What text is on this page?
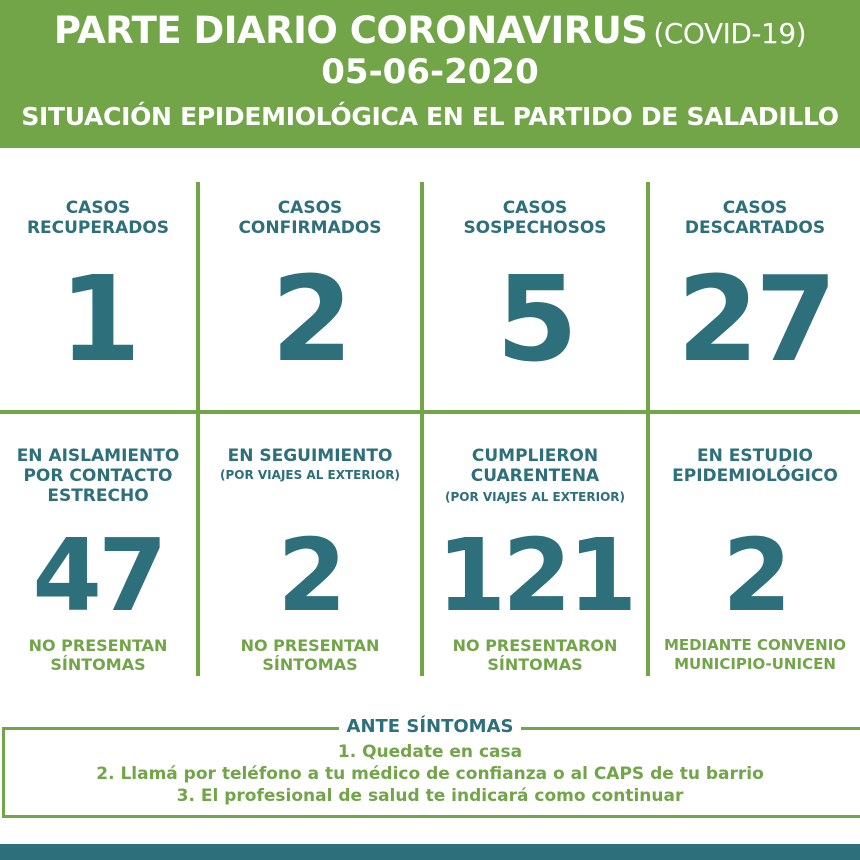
PARTE DIARIO CORONAVIRUS (COVID-19)
05-06-2020
SITUACIÓN EPIDEMIOLÓGICA EN EL PARTIDO DE SALADILLO
CASOS
RECUPERADOS
1
CASOS
CONFIRMADOS
2
CASOS
SOSPECHOSOS
5
CASOS
DESCARTADOS
27
EN AISLAMIENTO
POR CONTACTO
ESTRECHO
47
NO PRESENTAN
SÍNTOMAS
EN SEGUIMIENTO
(POR VIAJES AL EXTERIOR)
2
NO PRESENTAN
SÍNTOMAS
CUMPLIERON
CUARENTENA
(POR VIAJES AL EXTERIOR)
121
NO PRESENTARON
SÍNTOMAS
EN ESTUDIO
EPIDEMIOLÓGICO
2
MEDIANTE CONVENIO
MUNICIPIO-UNICEN
ANTE SÍNTOMAS
1. Quedate en casa
2. Llamá por teléfono a tu médico de confianza o al CAPS de tu barrio
3. El profesional de salud te indicará como continuar
